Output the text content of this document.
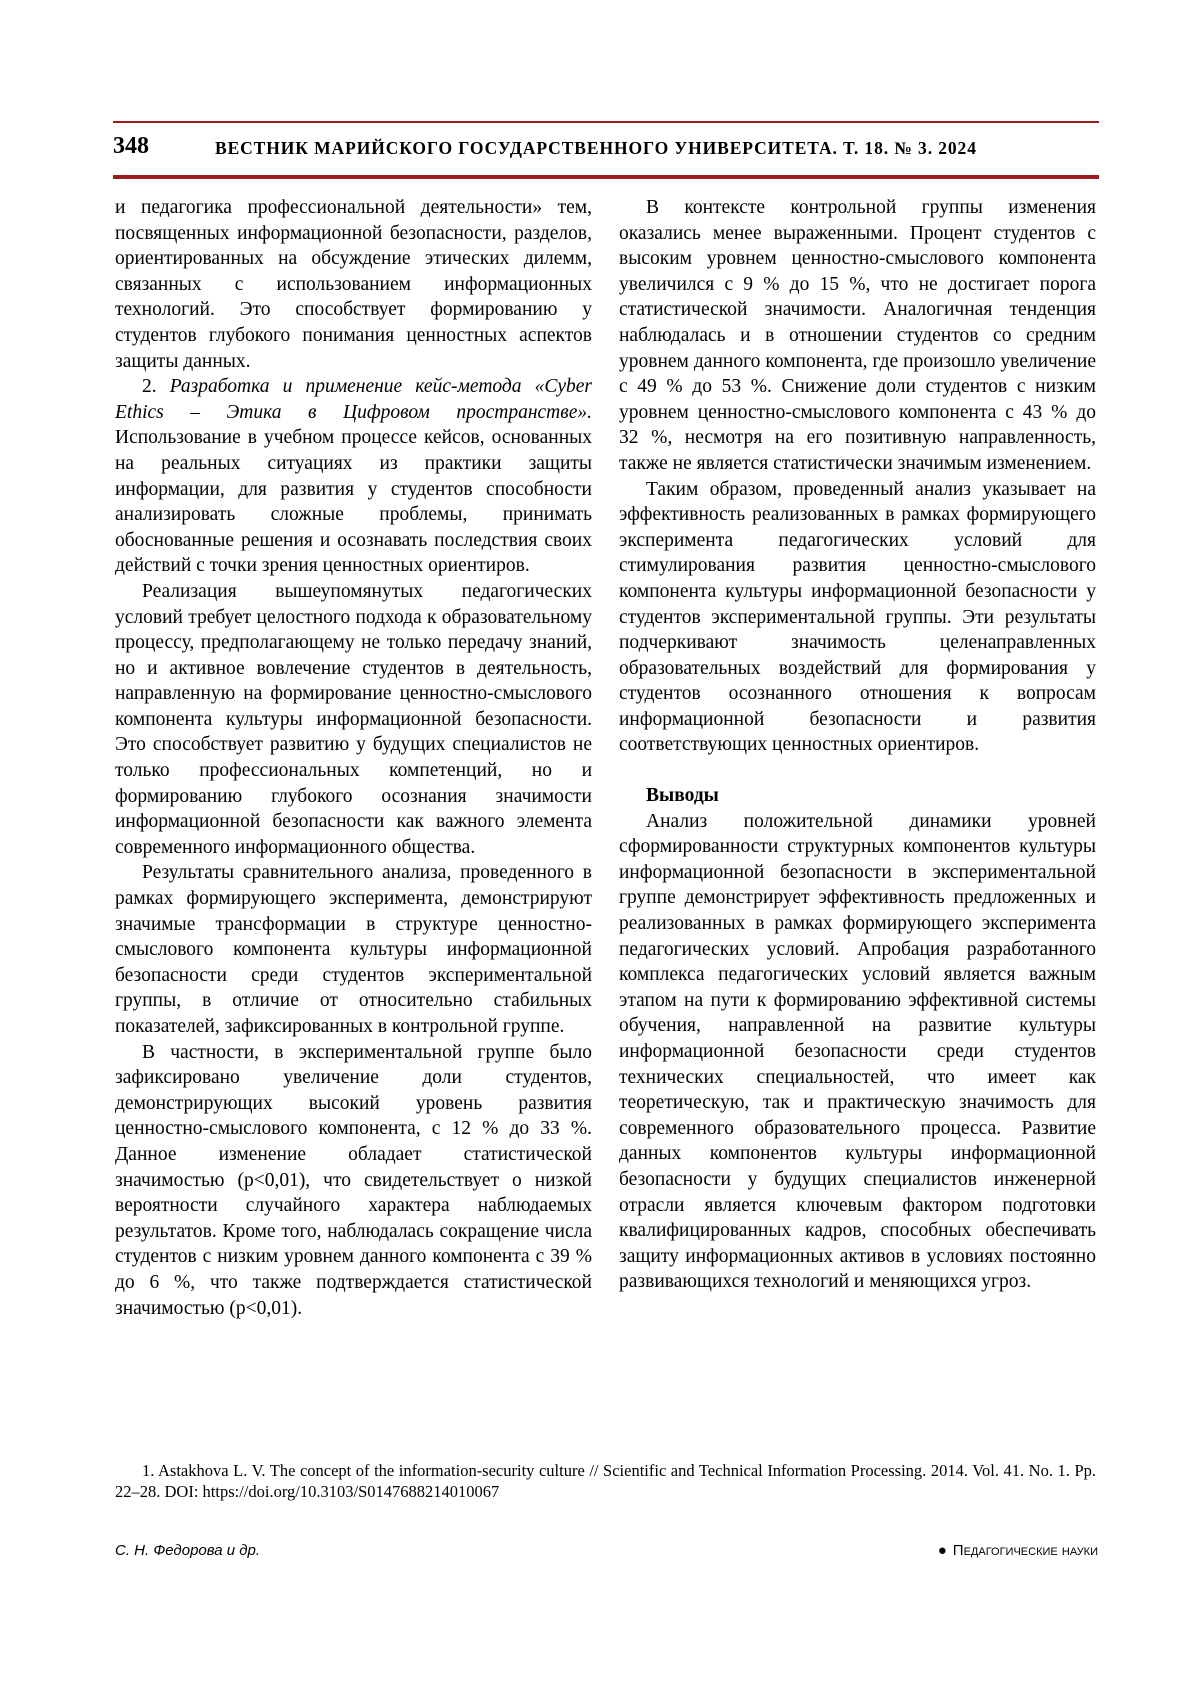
348	ВЕСТНИК МАРИЙСКОГО ГОСУДАРСТВЕННОГО УНИВЕРСИТЕТА. Т. 18. № 3. 2024

и педагогика профессиональной деятельности» тем, посвященных информационной безопасности, разделов, ориентированных на обсуждение этических дилемм, связанных с использованием информационных технологий. Это способствует формированию у студентов глубокого понимания ценностных аспектов защиты данных.

2. Разработка и применение кейс-метода «Cyber Ethics – Этика в Цифровом пространстве». Использование в учебном процессе кейсов, основанных на реальных ситуациях из практики защиты информации, для развития у студентов способности анализировать сложные проблемы, принимать обоснованные решения и осознавать последствия своих действий с точки зрения ценностных ориентиров.

Реализация вышеупомянутых педагогических условий требует целостного подхода к образовательному процессу, предполагающему не только передачу знаний, но и активное вовлечение студентов в деятельность, направленную на формирование ценностно-смыслового компонента культуры информационной безопасности. Это способствует развитию у будущих специалистов не только профессиональных компетенций, но и формированию глубокого осознания значимости информационной безопасности как важного элемента современного информационного общества.

Результаты сравнительного анализа, проведенного в рамках формирующего эксперимента, демонстрируют значимые трансформации в структуре ценностно-смыслового компонента культуры информационной безопасности среди студентов экспериментальной группы, в отличие от относительно стабильных показателей, зафиксированных в контрольной группе.

В частности, в экспериментальной группе было зафиксировано увеличение доли студентов, демонстрирующих высокий уровень развития ценностно-смыслового компонента, с 12 % до 33 %. Данное изменение обладает статистической значимостью (p<0,01), что свидетельствует о низкой вероятности случайного характера наблюдаемых результатов. Кроме того, наблюдалась сокращение числа студентов с низким уровнем данного компонента с 39 % до 6 %, что также подтверждается статистической значимостью (p<0,01).

В контексте контрольной группы изменения оказались менее выраженными. Процент студентов с высоким уровнем ценностно-смыслового компонента увеличился с 9 % до 15 %, что не достигает порога статистической значимости. Аналогичная тенденция наблюдалась и в отношении студентов со средним уровнем данного компонента, где произошло увеличение с 49 % до 53 %. Снижение доли студентов с низким уровнем ценностно-смыслового компонента с 43 % до 32 %, несмотря на его позитивную направленность, также не является статистически значимым изменением.

Таким образом, проведенный анализ указывает на эффективность реализованных в рамках формирующего эксперимента педагогических условий для стимулирования развития ценностно-смыслового компонента культуры информационной безопасности у студентов экспериментальной группы. Эти результаты подчеркивают значимость целенаправленных образовательных воздействий для формирования у студентов осознанного отношения к вопросам информационной безопасности и развития соответствующих ценностных ориентиров.

Выводы

Анализ положительной динамики уровней сформированности структурных компонентов культуры информационной безопасности в экспериментальной группе демонстрирует эффективность предложенных и реализованных в рамках формирующего эксперимента педагогических условий. Апробация разработанного комплекса педагогических условий является важным этапом на пути к формированию эффективной системы обучения, направленной на развитие культуры информационной безопасности среди студентов технических специальностей, что имеет как теоретическую, так и практическую значимость для современного образовательного процесса. Развитие данных компонентов культуры информационной безопасности у будущих специалистов инженерной отрасли является ключевым фактором подготовки квалифицированных кадров, способных обеспечивать защиту информационных активов в условиях постоянно развивающихся технологий и меняющихся угроз.

1. Astakhova L. V. The concept of the information-security culture // Scientific and Technical Information Processing. 2014. Vol. 41. No. 1. Pp. 22–28. DOI: https://doi.org/10.3103/S0147688214010067
С. Н. Федорова и др.	● Педагогические науки
